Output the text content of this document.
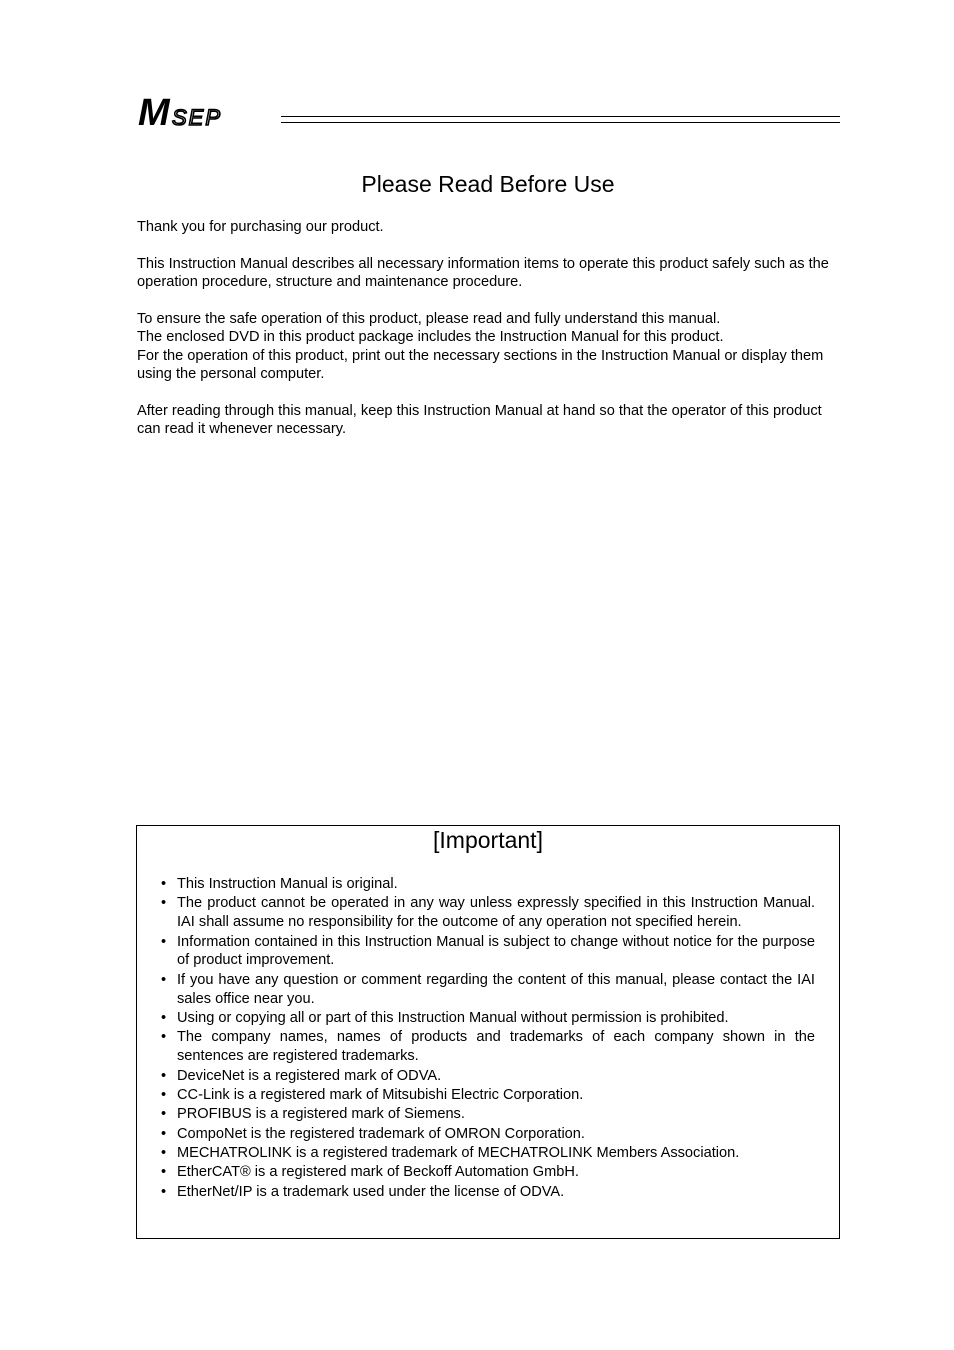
M SEP
Please Read Before Use

Thank you for purchasing our product.

This Instruction Manual describes all necessary information items to operate this product safely such as the operation procedure, structure and maintenance procedure.

To ensure the safe operation of this product, please read and fully understand this manual.
The enclosed DVD in this product package includes the Instruction Manual for this product.
For the operation of this product, print out the necessary sections in the Instruction Manual or display them using the personal computer.

After reading through this manual, keep this Instruction Manual at hand so that the operator of this product can read it whenever necessary.

[Important]
• This Instruction Manual is original.
• The product cannot be operated in any way unless expressly specified in this Instruction Manual. IAI shall assume no responsibility for the outcome of any operation not specified herein.
• Information contained in this Instruction Manual is subject to change without notice for the purpose of product improvement.
• If you have any question or comment regarding the content of this manual, please contact the IAI sales office near you.
• Using or copying all or part of this Instruction Manual without permission is prohibited.
• The company names, names of products and trademarks of each company shown in the sentences are registered trademarks.
• DeviceNet is a registered mark of ODVA.
• CC-Link is a registered mark of Mitsubishi Electric Corporation.
• PROFIBUS is a registered mark of Siemens.
• CompoNet is the registered trademark of OMRON Corporation.
• MECHATROLINK is a registered trademark of MECHATROLINK Members Association.
• EtherCAT® is a registered mark of Beckoff Automation GmbH.
• EtherNet/IP is a trademark used under the license of ODVA.
